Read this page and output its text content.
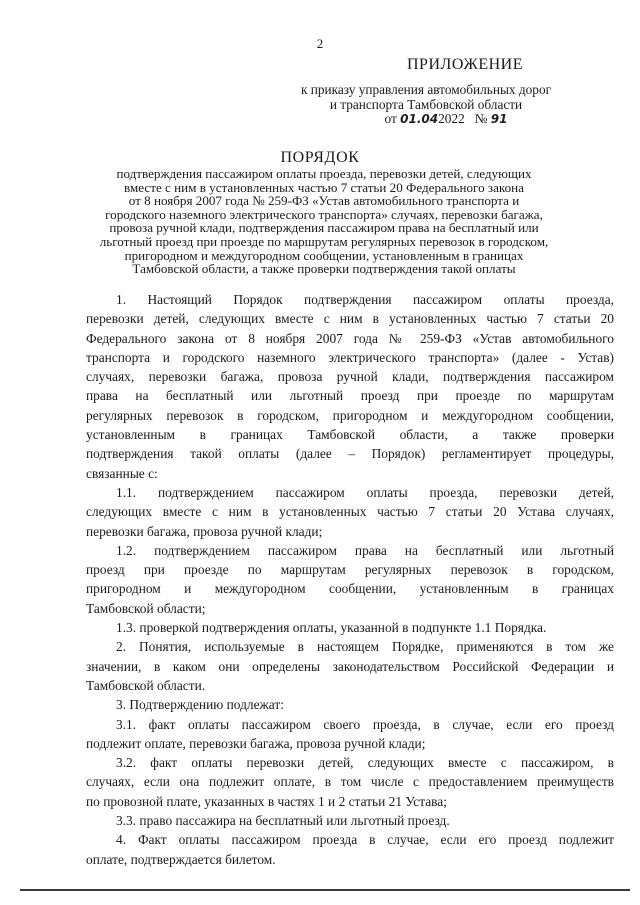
2
ПРИЛОЖЕНИЕ
к приказу управления автомобильных дорог
и транспорта Тамбовской области
от 01.042022 № 91
ПОРЯДОК
подтверждения пассажиром оплаты проезда, перевозки детей, следующих
вместе с ним в установленных частью 7 статьи 20 Федерального закона
от 8 ноября 2007 года № 259-ФЗ «Устав автомобильного транспорта и
городского наземного электрического транспорта» случаях, перевозки багажа,
провоза ручной клади, подтверждения пассажиром права на бесплатный или
льготный проезд при проезде по маршрутам регулярных перевозок в городском,
пригородном и междугородном сообщении, установленным в границах
Тамбовской области, а также проверки подтверждения такой оплаты
1. Настоящий Порядок подтверждения пассажиром оплаты проезда,
перевозки детей, следующих вместе с ним в установленных частью 7 статьи 20
Федерального закона от 8 ноября 2007 года № 259-ФЗ «Устав автомобильного
транспорта и городского наземного электрического транспорта» (далее - Устав)
случаях, перевозки багажа, провоза ручной клади, подтверждения пассажиром
права на бесплатный или льготный проезд при проезде по маршрутам
регулярных перевозок в городском, пригородном и междугородном сообщении,
установленным в границах Тамбовской области, а также проверки
подтверждения такой оплаты (далее – Порядок) регламентирует процедуры,
связанные с:
1.1. подтверждением пассажиром оплаты проезда, перевозки детей,
следующих вместе с ним в установленных частью 7 статьи 20 Устава случаях,
перевозки багажа, провоза ручной клади;
1.2. подтверждением пассажиром права на бесплатный или льготный
проезд при проезде по маршрутам регулярных перевозок в городском,
пригородном и междугородном сообщении, установленным в границах
Тамбовской области;
1.3. проверкой подтверждения оплаты, указанной в подпункте 1.1 Порядка.
2. Понятия, используемые в настоящем Порядке, применяются в том же
значении, в каком они определены законодательством Российской Федерации и
Тамбовской области.
3. Подтверждению подлежат:
3.1. факт оплаты пассажиром своего проезда, в случае, если его проезд
подлежит оплате, перевозки багажа, провоза ручной клади;
3.2. факт оплаты перевозки детей, следующих вместе с пассажиром, в
случаях, если она подлежит оплате, в том числе с предоставлением преимуществ
по провозной плате, указанных в частях 1 и 2 статьи 21 Устава;
3.3. право пассажира на бесплатный или льготный проезд.
4. Факт оплаты пассажиром проезда в случае, если его проезд подлежит
оплате, подтверждается билетом.
